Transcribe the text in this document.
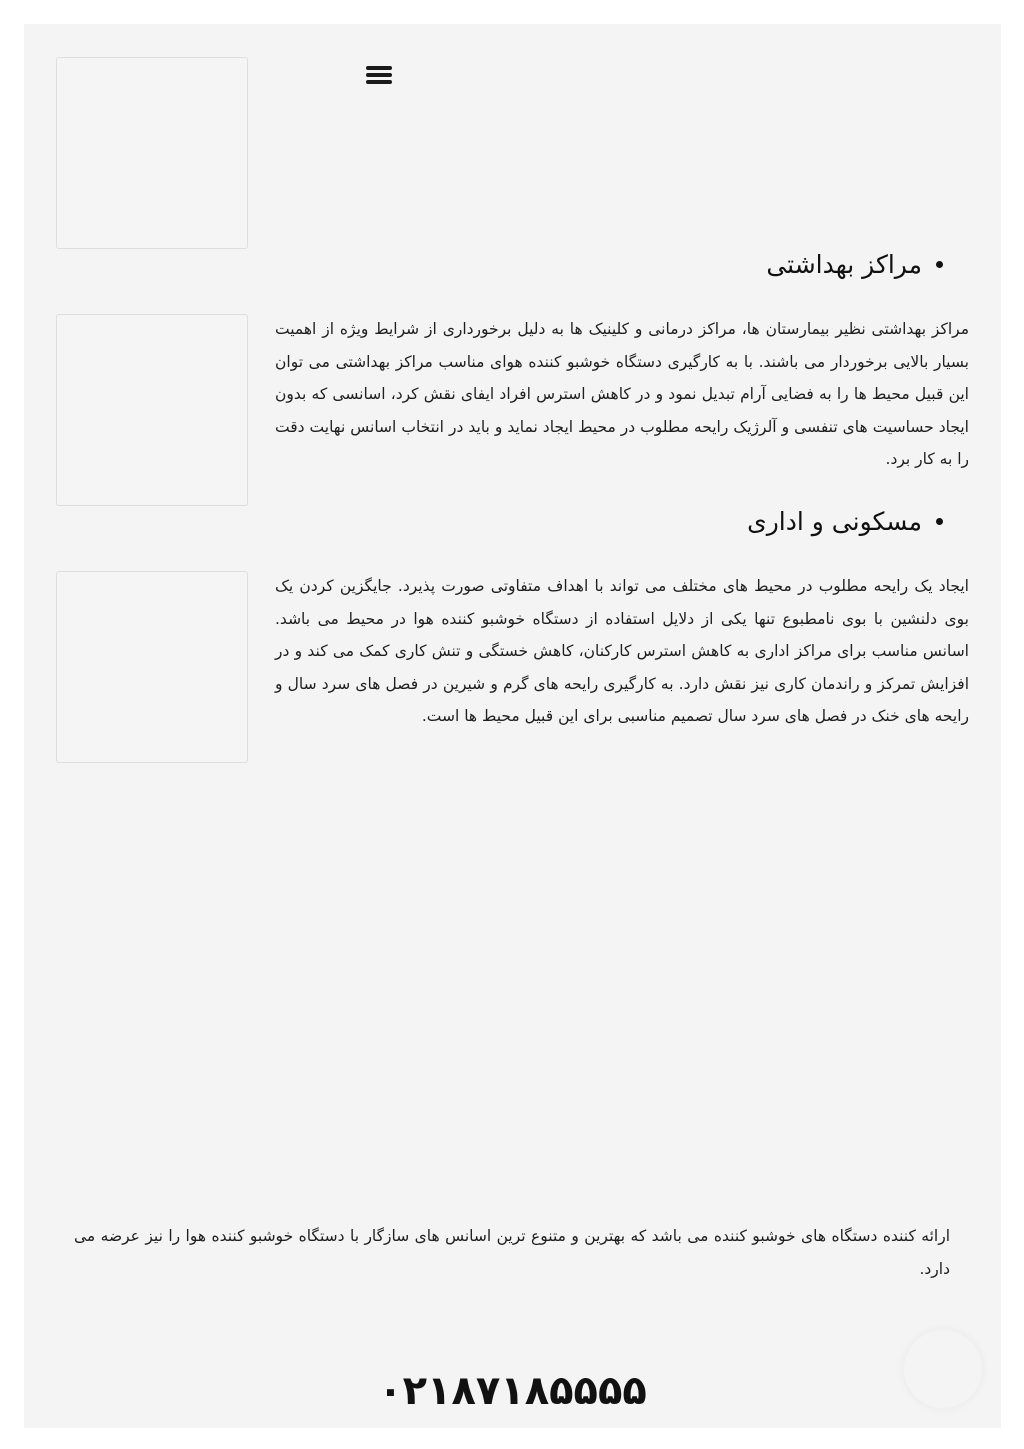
مراکز بهداشتی

مراکز بهداشتی نظیر بیمارستان ها، مراکز درمانی و کلینیک ها به دلیل برخورداری از شرایط ویژه از اهمیت بسیار بالایی برخوردار می باشند. با به کارگیری دستگاه خوشبو کننده هوای مناسب مراکز بهداشتی می توان این قبیل محیط ها را به فضایی آرام تبدیل نمود و در کاهش استرس افراد ایفای نقش کرد، اسانسی که بدون ایجاد حساسیت های تنفسی و آلرژیک رایحه مطلوب در محیط ایجاد نماید و باید در انتخاب اسانس نهایت دقت را به کار برد.

مسکونی و اداری

ایجاد یک رایحه مطلوب در محیط های مختلف می تواند با اهداف متفاوتی صورت پذیرد. جایگزین کردن یک بوی دلنشین با بوی نامطبوع تنها یکی از دلایل استفاده از دستگاه خوشبو کننده هوا در محیط می باشد. اسانس مناسب برای مراکز اداری به کاهش استرس کارکنان، کاهش خستگی و تنش کاری کمک می کند و در افزایش تمرکز و راندمان کاری نیز نقش دارد. به کارگیری رایحه های گرم و شیرین در فصل های سرد سال و رایحه های خنک در فصل های سرد سال تصمیم مناسبی برای این قبیل محیط ها است.

ارائه کننده دستگاه های خوشبو کننده می باشد که بهترین و متنوع ترین اسانس های سازگار با دستگاه خوشبو کننده هوا را نیز عرضه می دارد.

۰۲۱۸۷۱۸۵۵۵۵
